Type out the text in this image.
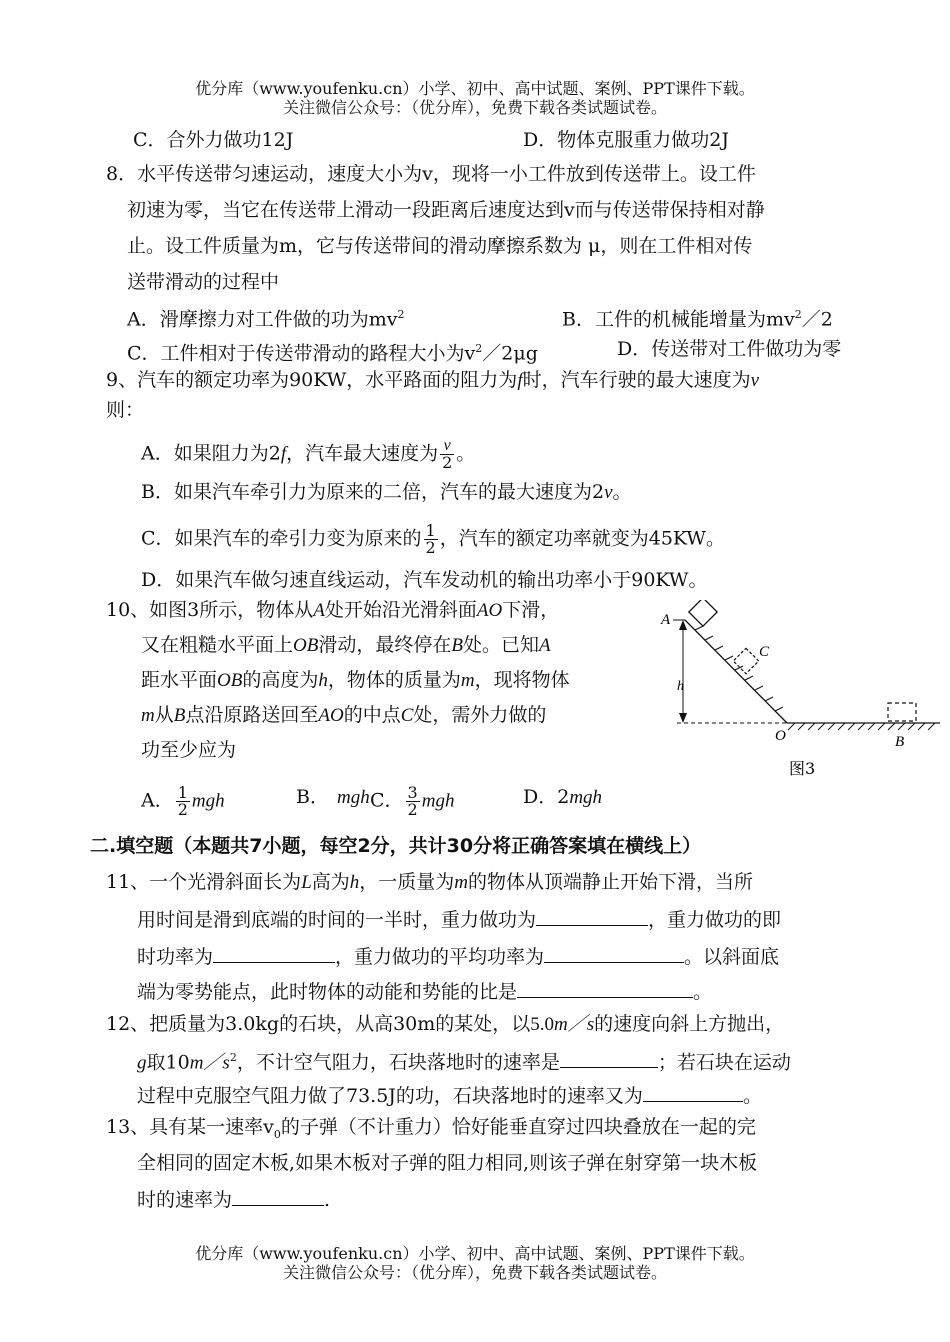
优分库（www.youfenku.cn）小学、初中、高中试题、案例、PPT课件下载。
关注微信公众号：（优分库），免费下载各类试题试卷。
C．合外力做功12J	D．物体克服重力做功2J
8．水平传送带匀速运动，速度大小为v，现将一小工件放到传送带上。设工件
初速为零，当它在传送带上滑动一段距离后速度达到v而与传送带保持相对静
止。设工件质量为m，它与传送带间的滑动摩擦系数为 μ，则在工件相对传
送带滑动的过程中
A．滑摩擦力对工件做的功为$mv^2$	B．工件的机械能增量为$mv^2/2$
C．工件相对于传送带滑动的路程大小为$v^2/2\mu g$	D．传送带对工件做功为零
9、汽车的额定功率为90KW，水平路面的阻力为f时，汽车行驶的最大速度为v
则：
A．如果阻力为2f，汽车最大速度为 $\frac{v}{2}$ 。
B．如果汽车牵引力为原来的二倍，汽车的最大速度为2v。
C．如果汽车的牵引力变为原来的 $\frac{1}{2}$ ，汽车的额定功率就变为45KW。
D．如果汽车做匀速直线运动，汽车发动机的输出功率小于90KW。
10、如图3所示，物体从A处开始沿光滑斜面AO下滑，
又在粗糙水平面上OB滑动，最终停在B处。已知A
距水平面OB的高度为h，物体的质量为m，现将物体
m从B点沿原路送回至AO的中点C处，需外力做的
功至少应为
A． $\frac{1}{2}$ mgh	B． mgh C． $\frac{3}{2}$ mgh	D．2mgh
A
h
C
O	B
图3
二.填空题（本题共7小题，每空2分，共计30分将正确答案填在横线上）
11、一个光滑斜面长为L高为h，一质量为m的物体从顶端静止开始下滑，当所
用时间是滑到底端的时间的一半时，重力做功为	，重力做功的即
时功率为	，重力做功的平均功率为	。以斜面底
端为零势能点，此时物体的动能和势能的比是	。
12、把质量为3.0kg的石块，从高30m的某处，以5.0m／s的速度向斜上方抛出，
g取$10m/s^2$，不计空气阻力，石块落地时的速率是	；若石块在运动
过程中克服空气阻力做了73.5J的功，石块落地时的速率又为	。
13、具有某一速率$v_0$的子弹（不计重力）恰好能垂直穿过四块叠放在一起的完
全相同的固定木板,如果木板对子弹的阻力相同,则该子弹在射穿第一块木板
时的速率为	.
优分库（www.youfenku.cn）小学、初中、高中试题、案例、PPT课件下载。
关注微信公众号：（优分库），免费下载各类试题试卷。
